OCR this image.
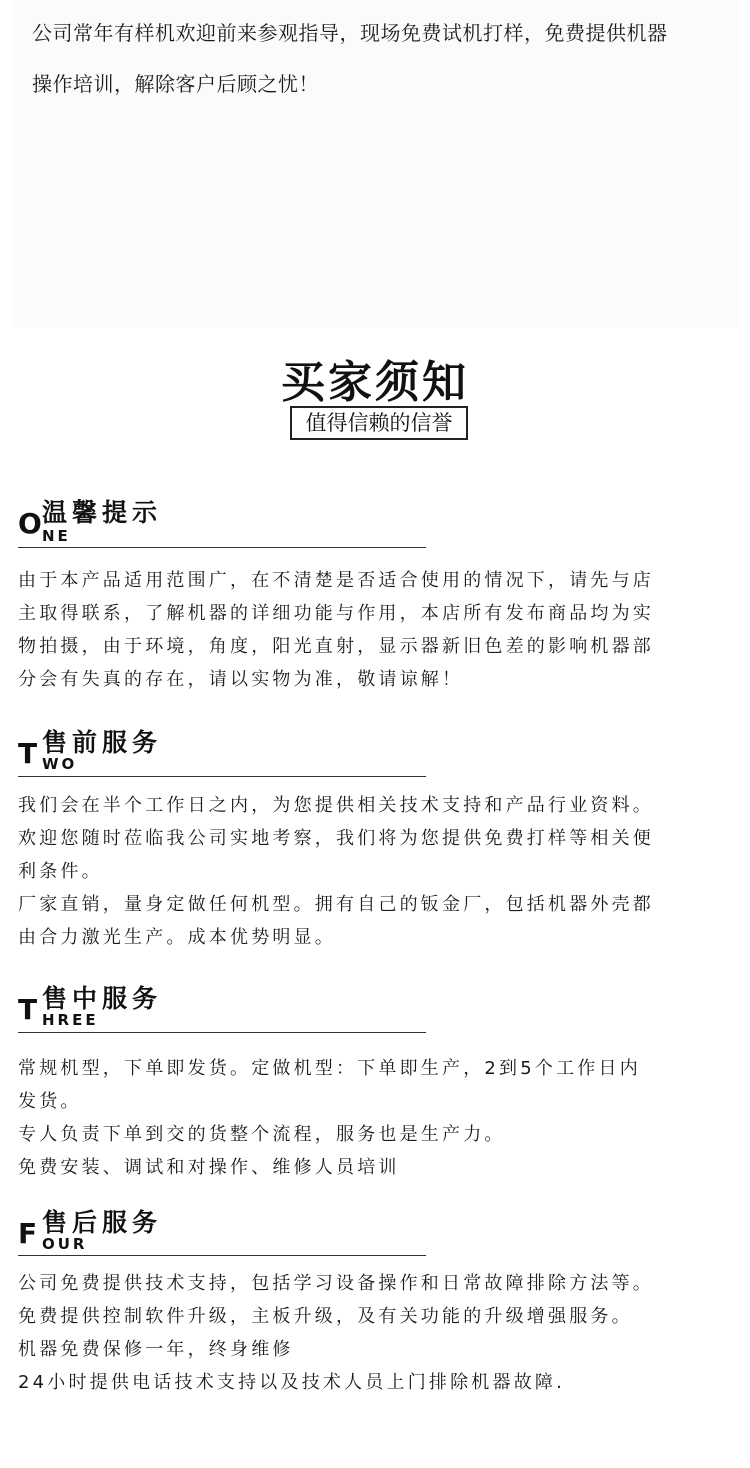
公司常年有样机欢迎前来参观指导，现场免费试机打样，免费提供机器

操作培训，解除客户后顾之忧！

买家须知
值得信赖的信誉
O 温馨提示
NE

由于本产品适用范围广，在不清楚是否适合使用的情况下，请先与店

主取得联系，了解机器的详细功能与作用，本店所有发布商品均为实

物拍摄，由于环境，角度，阳光直射，显示器新旧色差的影响机器部

分会有失真的存在，请以实物为准，敬请谅解！

T 售前服务
WO

我们会在半个工作日之内，为您提供相关技术支持和产品行业资料。

欢迎您随时莅临我公司实地考察，我们将为您提供免费打样等相关便

利条件。

厂家直销，量身定做任何机型。拥有自己的钣金厂，包括机器外壳都

由合力激光生产。成本优势明显。

T 售中服务
HREE

常规机型，下单即发货。定做机型：下单即生产，2到5个工作日内

发货。

专人负责下单到交的货整个流程，服务也是生产力。

免费安装、调试和对操作、维修人员培训

F 售后服务
OUR

公司免费提供技术支持，包括学习设备操作和日常故障排除方法等。

免费提供控制软件升级，主板升级，及有关功能的升级增强服务。

机器免费保修一年，终身维修

24小时提供电话技术支持以及技术人员上门排除机器故障.
